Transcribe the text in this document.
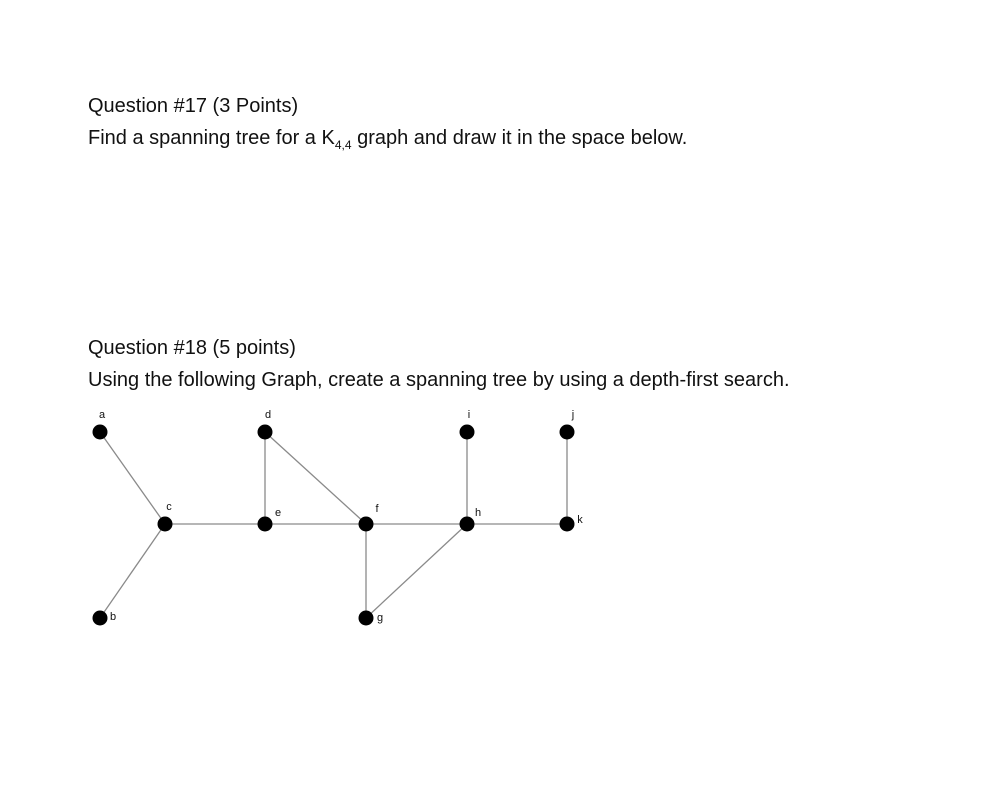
Question #17 (3 Points)

Find a spanning tree for a $K_{4,4}$ graph and draw it in the space below.

Question #18 (5 points)

Using the following Graph, create a spanning tree by using a depth-first search.

a
b
c
d
e	f
g
h
i	j
k
